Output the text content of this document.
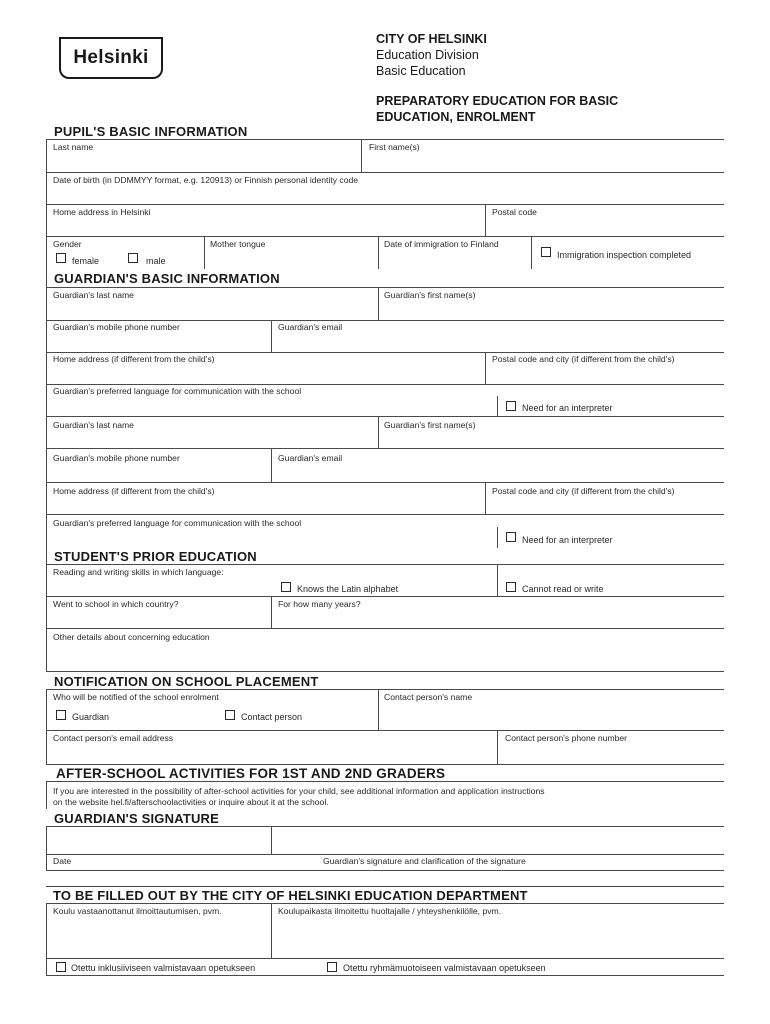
Helsinki
CITY OF HELSINKI
Education Division
Basic Education
PREPARATORY EDUCATION FOR BASIC
EDUCATION, ENROLMENT
PUPIL'S BASIC INFORMATION
Last name	First name(s)
Date of birth (in DDMMYY format, e.g. 120913) or Finnish personal identity code
Home address in Helsinki	Postal code
Gender
female	male
Mother tongue	Date of immigration to Finland
Immigration inspection completed
GUARDIAN'S BASIC INFORMATION
Guardian's last name	Guardian's first name(s)
Guardian's mobile phone number	Guardian's email
Home address (if different from the child's)	Postal code and city (if different from the child's)
Guardian's preferred language for communication with the school
Need for an interpreter
Guardian's last name	Guardian's first name(s)
Guardian's mobile phone number	Guardian's email
Home address (if different from the child's)	Postal code and city (if different from the child's)
Guardian's preferred language for communication with the school
Need for an interpreter
STUDENT'S PRIOR EDUCATION
Reading and writing skills in which language:
Knows the Latin alphabet	Cannot read or write
Went to school in which country?	For how many years?
Other details about concerning education
NOTIFICATION ON SCHOOL PLACEMENT
Who will be notified of the school enrolment
Guardian	Contact person
Contact person's name
Contact person's email address	Contact person's phone number
AFTER-SCHOOL ACTIVITIES FOR 1ST AND 2ND GRADERS
If you are interested in the possibility of after-school activities for your child, see additional information and application instructions
on the website hel.fi/afterschoolactivities or inquire about it at the school.
GUARDIAN'S SIGNATURE
Date	Guardian's signature and clarification of the signature
TO BE FILLED OUT BY THE CITY OF HELSINKI EDUCATION DEPARTMENT
Koulu vastaanottanut ilmoittautumisen, pvm.	Koulupaikasta ilmoitettu huoltajalle / yhteyshenkilölle, pvm.
Otettu inklusiiviseen valmistavaan opetukseen	Otettu ryhmämuotoiseen valmistavaan opetukseen
